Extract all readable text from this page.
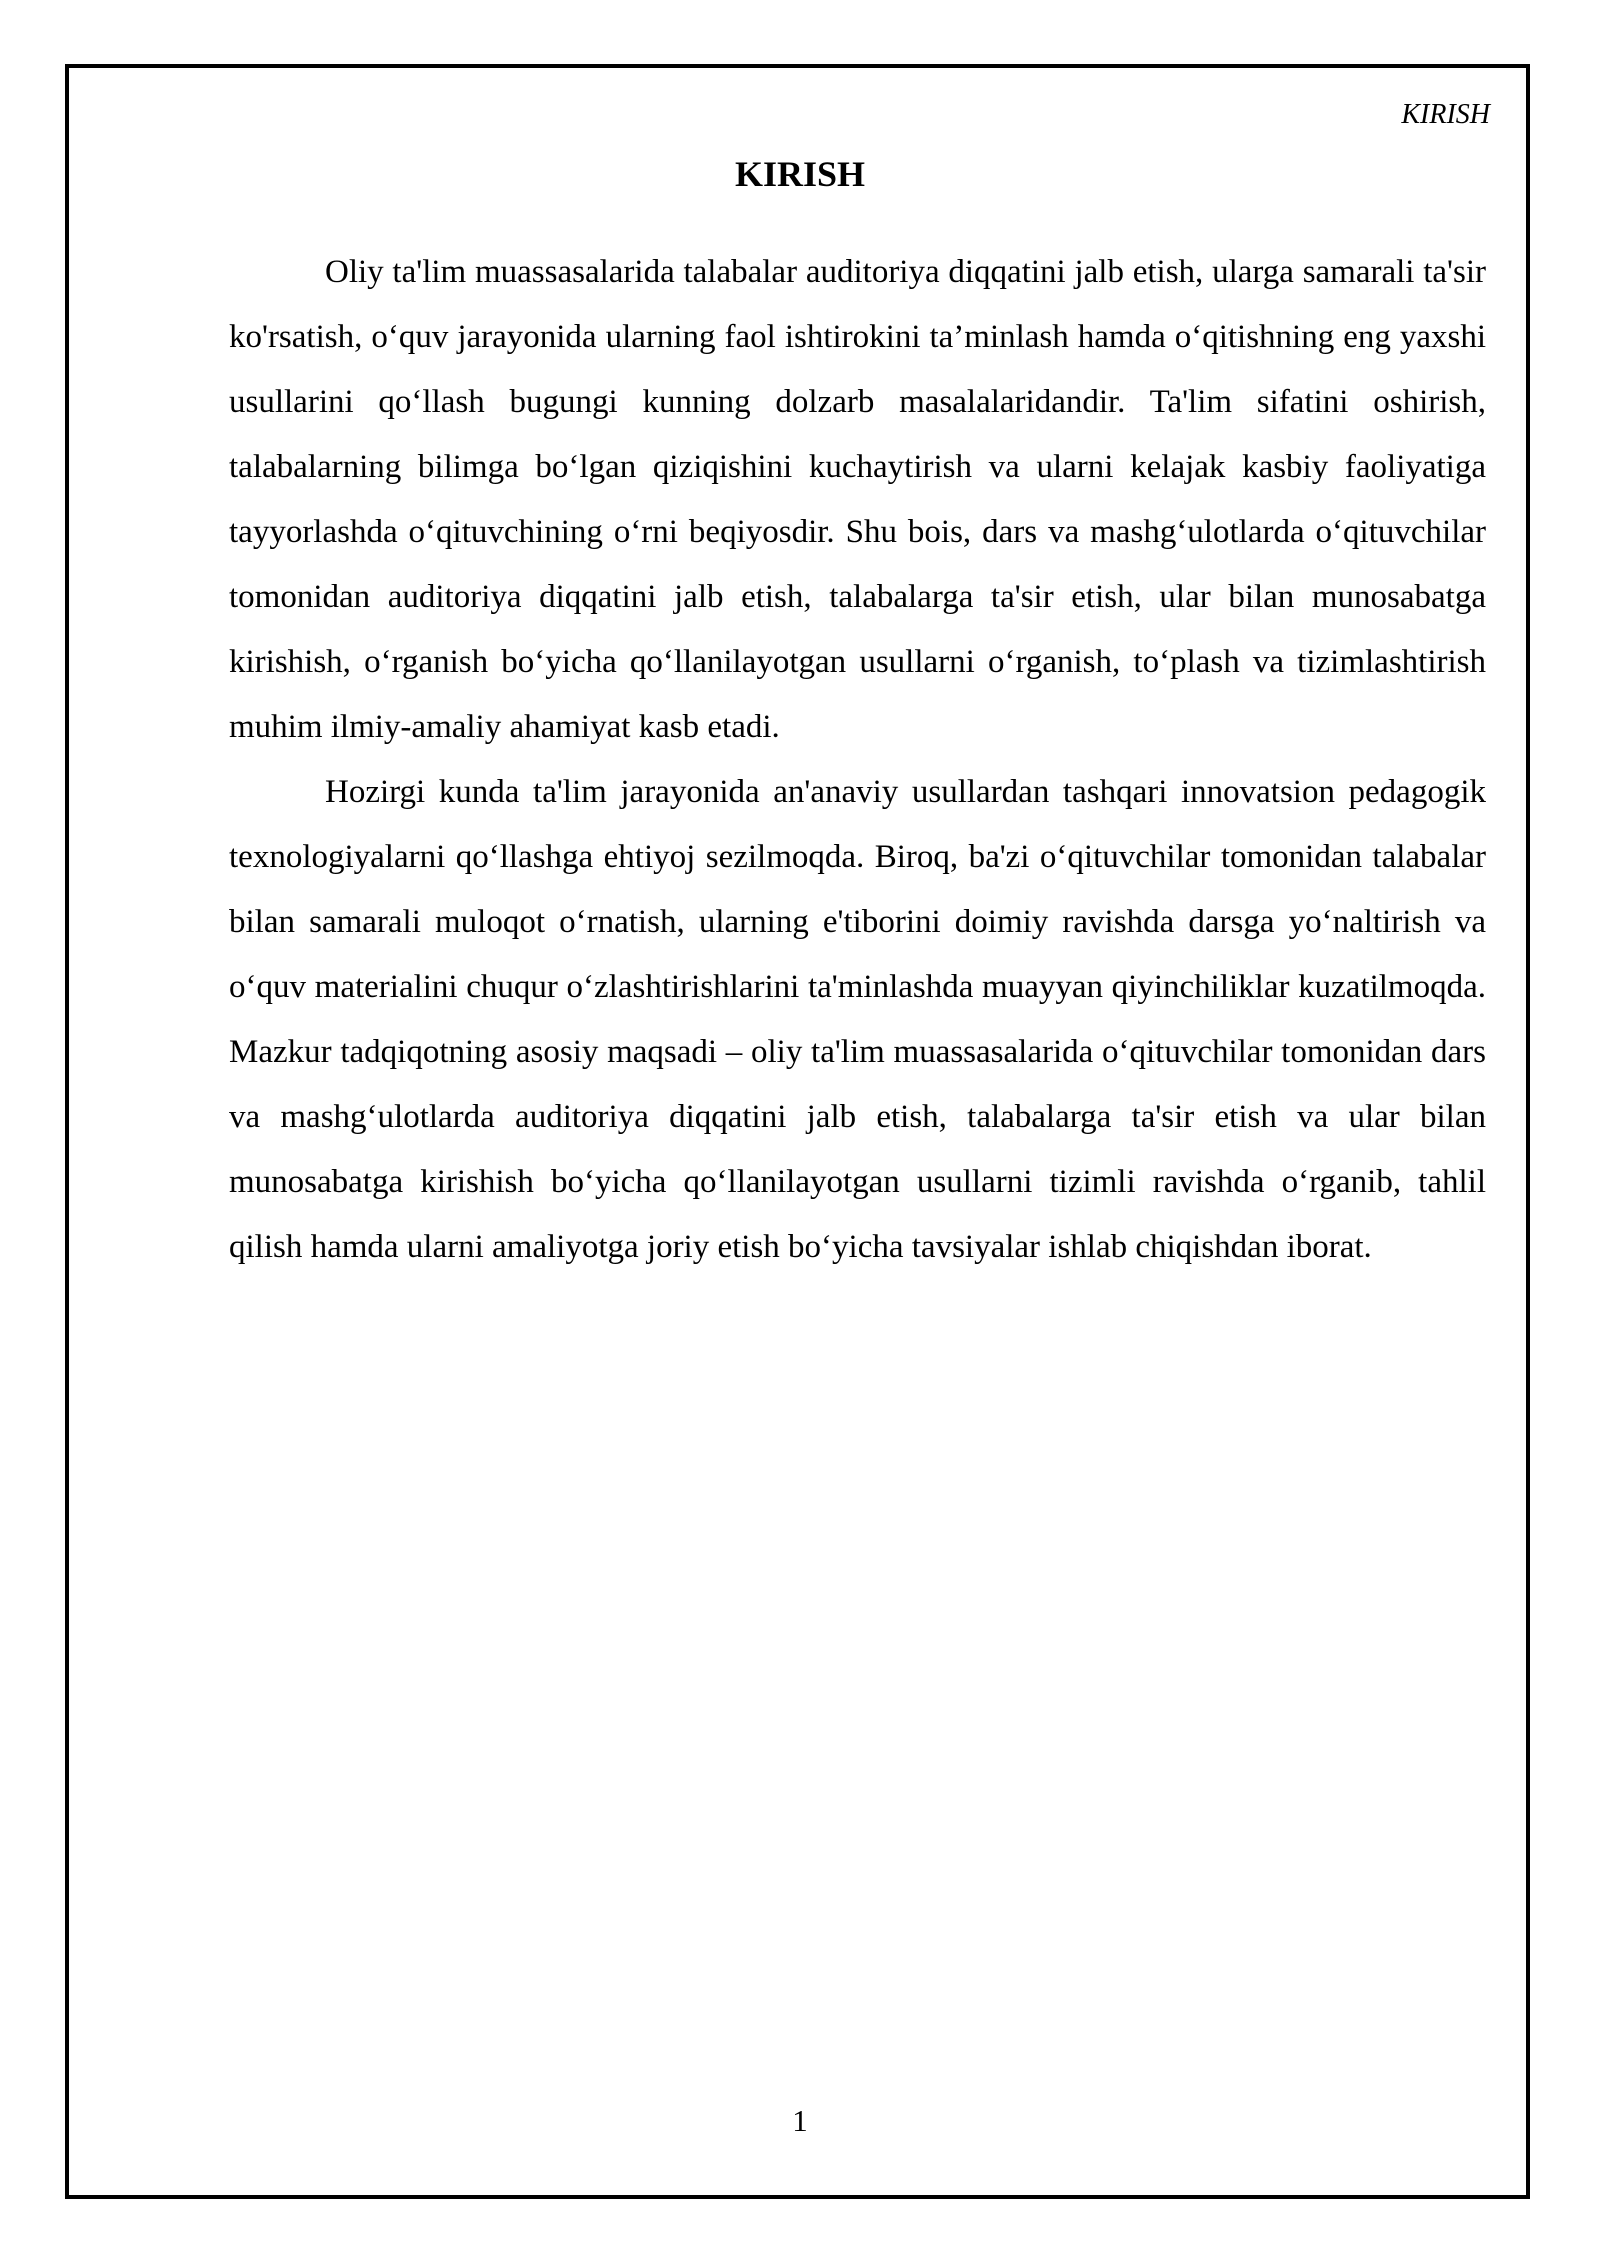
KIRISH
KIRISH

Oliy ta'lim muassasalarida talabalar auditoriya diqqatini jalb etish, ularga samarali ta'sir ko'rsatish, o‘quv jarayonida ularning faol ishtirokini ta’minlash hamda o‘qitishning eng yaxshi usullarini qo‘llash bugungi kunning dolzarb masalalaridandir. Ta'lim sifatini oshirish, talabalarning bilimga bo‘lgan qiziqishini kuchaytirish va ularni kelajak kasbiy faoliyatiga tayyorlashda o‘qituvchining o‘rni beqiyosdir. Shu bois, dars va mashg‘ulotlarda o‘qituvchilar tomonidan auditoriya diqqatini jalb etish, talabalarga ta'sir etish, ular bilan munosabatga kirishish, o‘rganish bo‘yicha qo‘llanilayotgan usullarni o‘rganish, to‘plash va tizimlashtirish muhim ilmiy-amaliy ahamiyat kasb etadi.

Hozirgi kunda ta'lim jarayonida an'anaviy usullardan tashqari innovatsion pedagogik texnologiyalarni qo‘llashga ehtiyoj sezilmoqda. Biroq, ba'zi o‘qituvchilar tomonidan talabalar bilan samarali muloqot o‘rnatish, ularning e'tiborini doimiy ravishda darsga yo‘naltirish va o‘quv materialini chuqur o‘zlashtirishlarini ta'minlashda muayyan qiyinchiliklar kuzatilmoqda. Mazkur tadqiqotning asosiy maqsadi – oliy ta'lim muassasalarida o‘qituvchilar tomonidan dars va mashg‘ulotlarda auditoriya diqqatini jalb etish, talabalarga ta'sir etish va ular bilan munosabatga kirishish bo‘yicha qo‘llanilayotgan usullarni tizimli ravishda o‘rganib, tahlil qilish hamda ularni amaliyotga joriy etish bo‘yicha tavsiyalar ishlab chiqishdan iborat.

1
